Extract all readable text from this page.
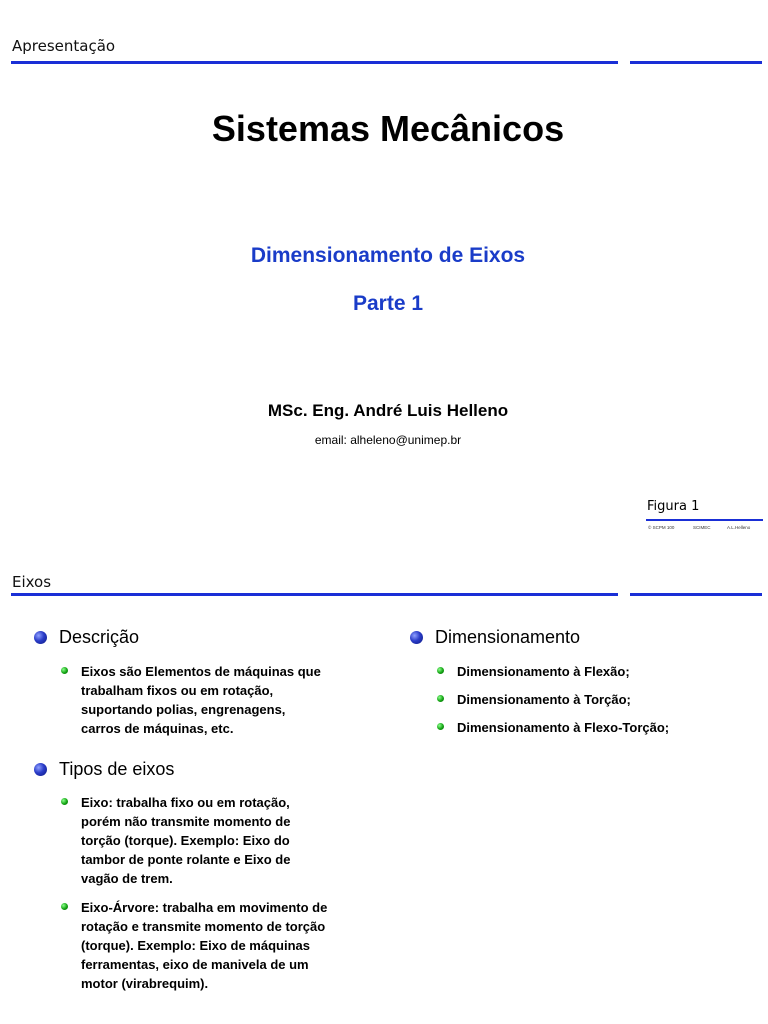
Apresentação
Sistemas Mecânicos
Dimensionamento de Eixos
Parte 1
MSc. Eng. André Luis Helleno
email: alheleno@unimep.br
Figura 1
© SCPM 100	SCIMEC	A.L.Helleno
Eixos
Descrição
Eixos são Elementos de máquinas que
trabalham fixos ou em rotação,
suportando polias, engrenagens,
carros de máquinas, etc.
Tipos de eixos
Eixo: trabalha fixo ou em rotação,
porém não transmite momento de
torção (torque). Exemplo: Eixo do
tambor de ponte rolante e Eixo de
vagão de trem.
Eixo-Árvore: trabalha em movimento de
rotação e transmite momento de torção
(torque). Exemplo: Eixo de máquinas
ferramentas, eixo de manivela de um
motor (virabrequim).
Dimensionamento
Dimensionamento à Flexão;
Dimensionamento à Torção;
Dimensionamento à Flexo-Torção;
